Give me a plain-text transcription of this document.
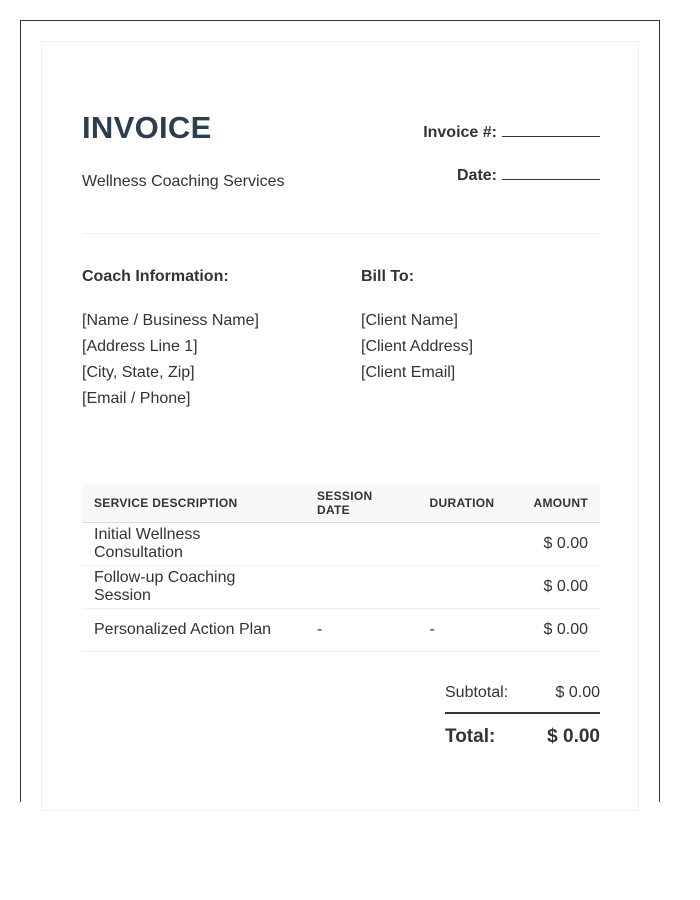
INVOICE
Wellness Coaching Services
Invoice #:
Date:
Coach Information:
[Name / Business Name]
[Address Line 1]
[City, State, Zip]
[Email / Phone]
Bill To:
[Client Name]
[Client Address]
[Client Email]
SERVICE DESCRIPTION	SESSION DATE	DURATION	AMOUNT
Initial Wellness Consultation			$ 0.00
Follow-up Coaching Session			$ 0.00
Personalized Action Plan	-	-	$ 0.00
Subtotal:	$ 0.00
Total:	$ 0.00
